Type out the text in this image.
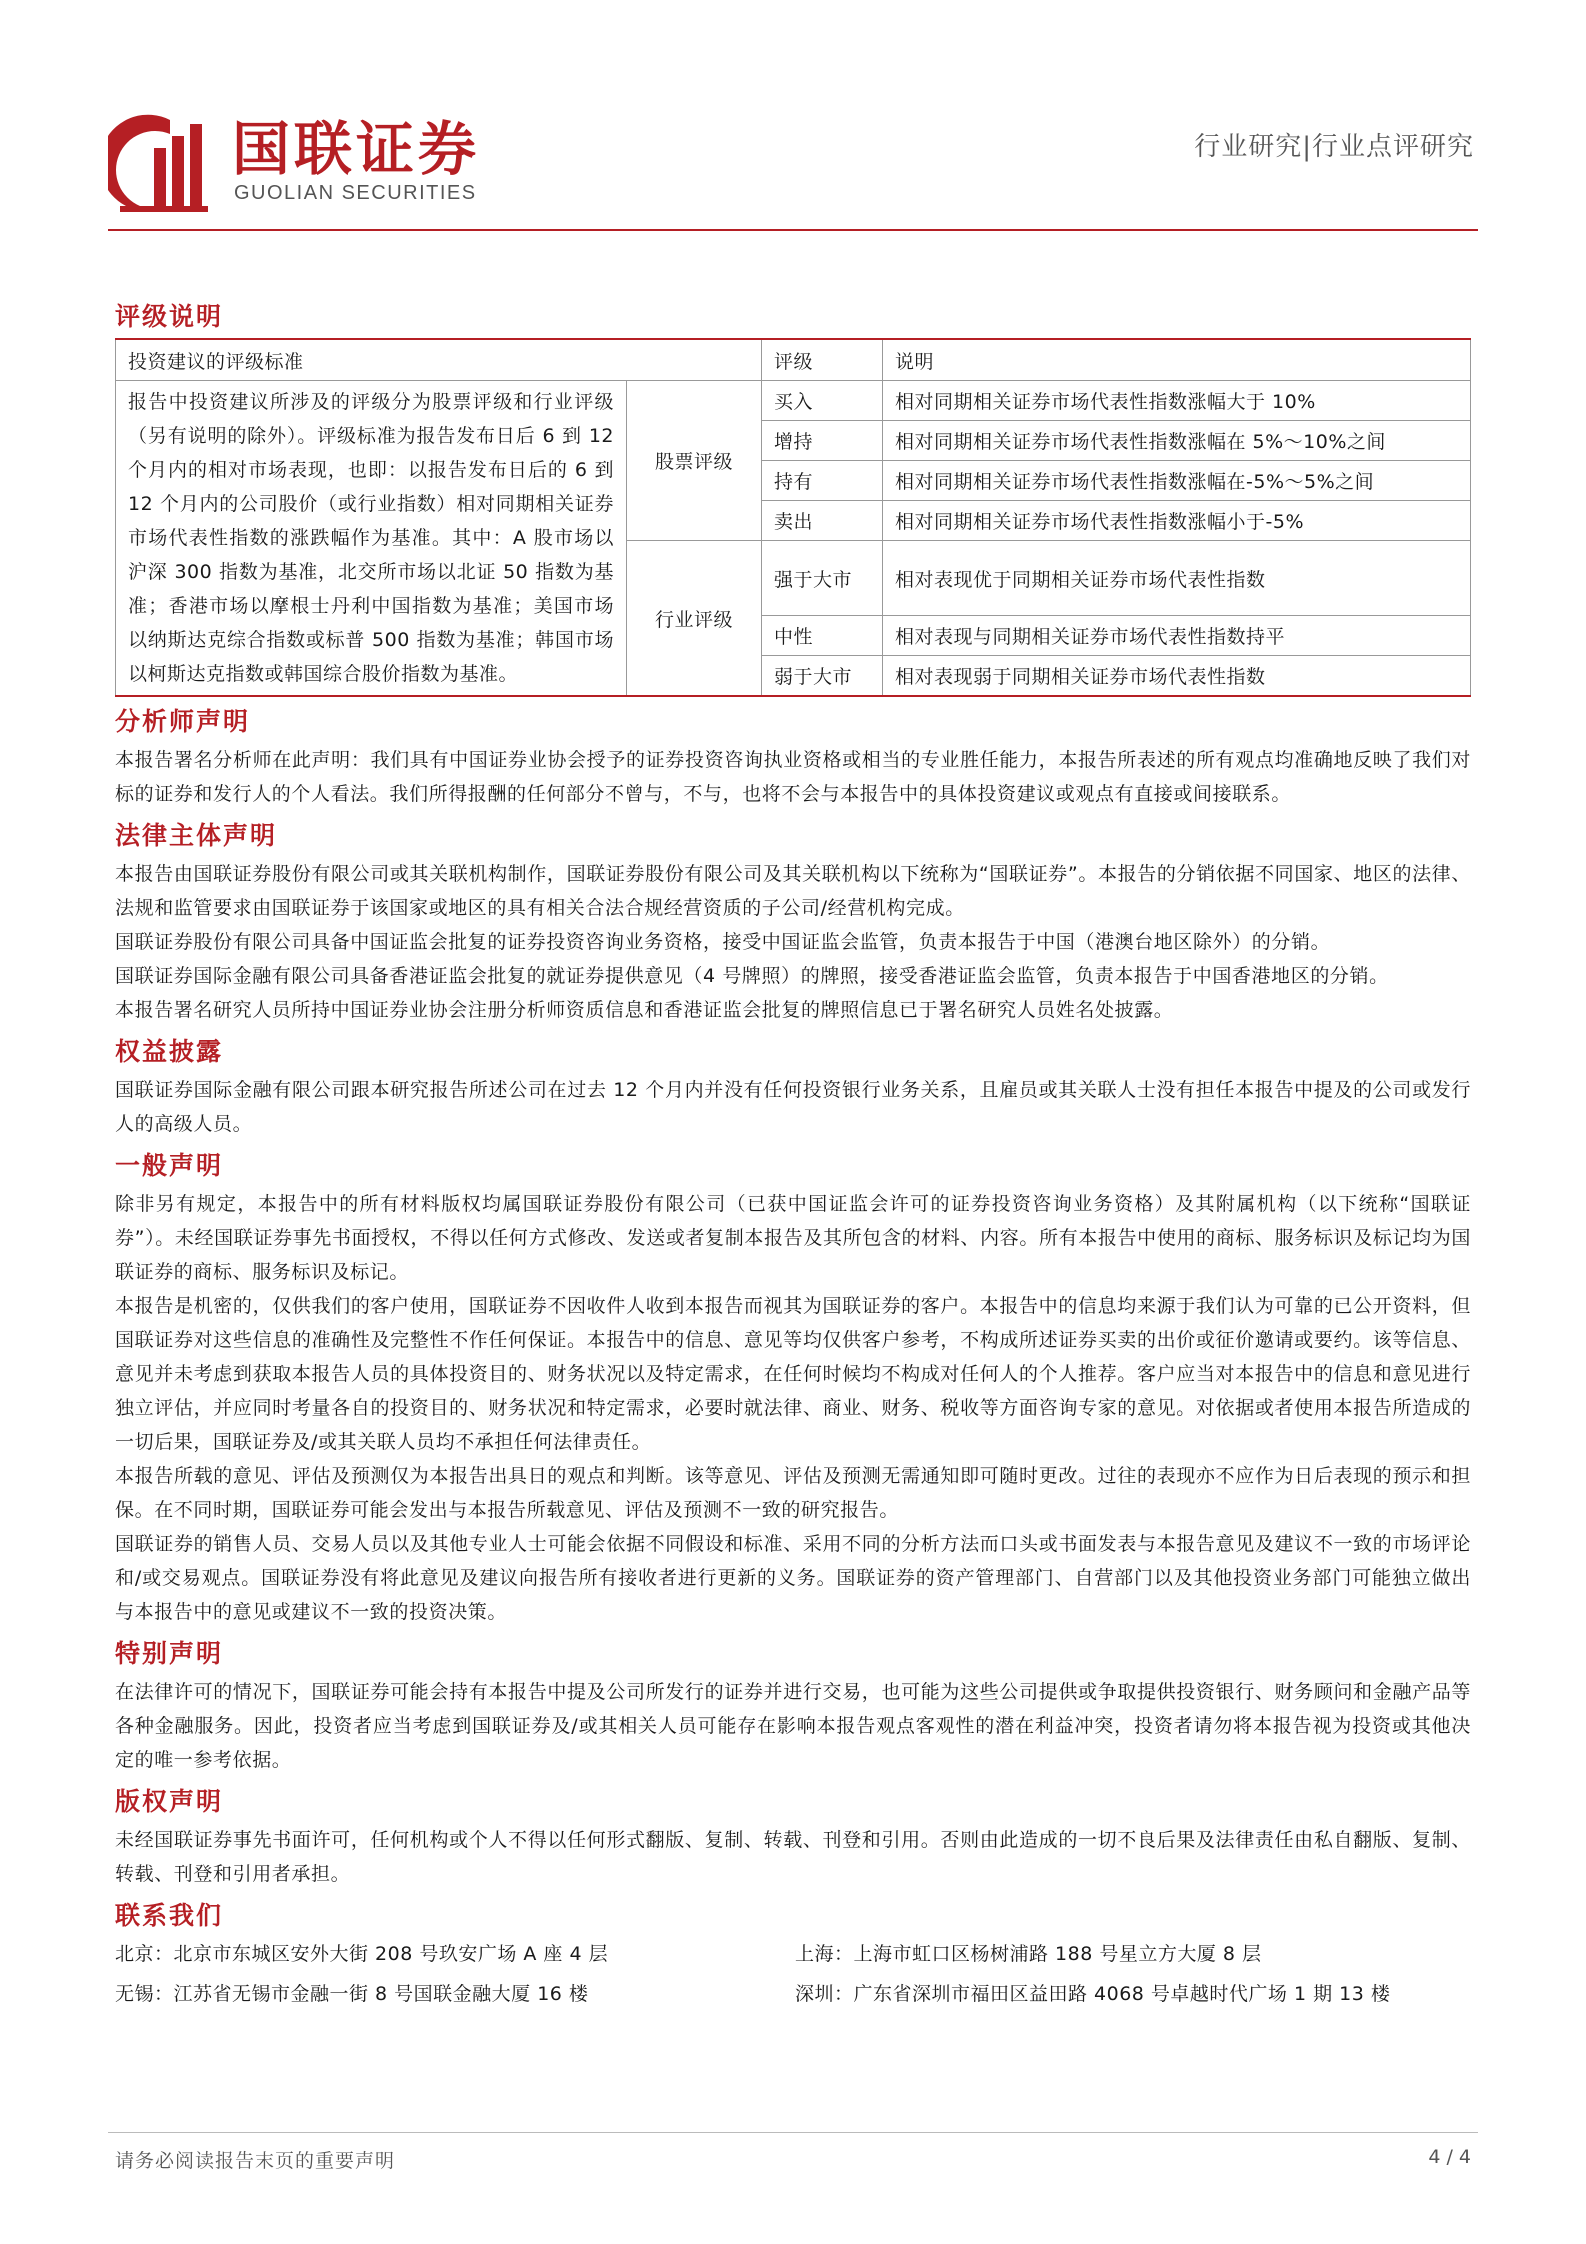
国联证券
GUOLIAN SECURITIES
行业研究|行业点评研究
评级说明
投资建议的评级标准		评级	说明
报告中投资建议所涉及的评级分为股票评级和行业评级（另有说明的除外）。评级标准为报告发布日后 6 到 12 个月内的相对市场表现，也即：以报告发布日后的 6 到 12 个月内的公司股价（或行业指数）相对同期相关证券市场代表性指数的涨跌幅作为基准。其中：A 股市场以沪深 300 指数为基准，北交所市场以北证 50 指数为基准；香港市场以摩根士丹利中国指数为基准；美国市场以纳斯达克综合指数或标普 500 指数为基准；韩国市场以柯斯达克指数或韩国综合股价指数为基准。	股票评级	买入	相对同期相关证券市场代表性指数涨幅大于 10%
		增持	相对同期相关证券市场代表性指数涨幅在 5%～10%之间
		持有	相对同期相关证券市场代表性指数涨幅在-5%～5%之间
		卖出	相对同期相关证券市场代表性指数涨幅小于-5%
	行业评级	强于大市	相对表现优于同期相关证券市场代表性指数
		中性	相对表现与同期相关证券市场代表性指数持平
		弱于大市	相对表现弱于同期相关证券市场代表性指数
分析师声明

本报告署名分析师在此声明：我们具有中国证券业协会授予的证券投资咨询执业资格或相当的专业胜任能力，本报告所表述的所有观点均准确地反映了我们对标的证券和发行人的个人看法。我们所得报酬的任何部分不曾与，不与，也将不会与本报告中的具体投资建议或观点有直接或间接联系。

法律主体声明

本报告由国联证券股份有限公司或其关联机构制作，国联证券股份有限公司及其关联机构以下统称为“国联证券”。本报告的分销依据不同国家、地区的法律、法规和监管要求由国联证券于该国家或地区的具有相关合法合规经营资质的子公司/经营机构完成。

国联证券股份有限公司具备中国证监会批复的证券投资咨询业务资格，接受中国证监会监管，负责本报告于中国（港澳台地区除外）的分销。

国联证券国际金融有限公司具备香港证监会批复的就证券提供意见（4 号牌照）的牌照，接受香港证监会监管，负责本报告于中国香港地区的分销。

本报告署名研究人员所持中国证券业协会注册分析师资质信息和香港证监会批复的牌照信息已于署名研究人员姓名处披露。

权益披露

国联证券国际金融有限公司跟本研究报告所述公司在过去 12 个月内并没有任何投资银行业务关系，且雇员或其关联人士没有担任本报告中提及的公司或发行人的高级人员。

一般声明

除非另有规定，本报告中的所有材料版权均属国联证券股份有限公司（已获中国证监会许可的证券投资咨询业务资格）及其附属机构（以下统称“国联证券”）。未经国联证券事先书面授权，不得以任何方式修改、发送或者复制本报告及其所包含的材料、内容。所有本报告中使用的商标、服务标识及标记均为国联证券的商标、服务标识及标记。

本报告是机密的，仅供我们的客户使用，国联证券不因收件人收到本报告而视其为国联证券的客户。本报告中的信息均来源于我们认为可靠的已公开资料，但国联证券对这些信息的准确性及完整性不作任何保证。本报告中的信息、意见等均仅供客户参考，不构成所述证券买卖的出价或征价邀请或要约。该等信息、意见并未考虑到获取本报告人员的具体投资目的、财务状况以及特定需求，在任何时候均不构成对任何人的个人推荐。客户应当对本报告中的信息和意见进行独立评估，并应同时考量各自的投资目的、财务状况和特定需求，必要时就法律、商业、财务、税收等方面咨询专家的意见。对依据或者使用本报告所造成的一切后果，国联证券及/或其关联人员均不承担任何法律责任。

本报告所载的意见、评估及预测仅为本报告出具日的观点和判断。该等意见、评估及预测无需通知即可随时更改。过往的表现亦不应作为日后表现的预示和担保。在不同时期，国联证券可能会发出与本报告所载意见、评估及预测不一致的研究报告。

国联证券的销售人员、交易人员以及其他专业人士可能会依据不同假设和标准、采用不同的分析方法而口头或书面发表与本报告意见及建议不一致的市场评论和/或交易观点。国联证券没有将此意见及建议向报告所有接收者进行更新的义务。国联证券的资产管理部门、自营部门以及其他投资业务部门可能独立做出与本报告中的意见或建议不一致的投资决策。

特别声明

在法律许可的情况下，国联证券可能会持有本报告中提及公司所发行的证券并进行交易，也可能为这些公司提供或争取提供投资银行、财务顾问和金融产品等各种金融服务。因此，投资者应当考虑到国联证券及/或其相关人员可能存在影响本报告观点客观性的潜在利益冲突，投资者请勿将本报告视为投资或其他决定的唯一参考依据。

版权声明

未经国联证券事先书面许可，任何机构或个人不得以任何形式翻版、复制、转载、刊登和引用。否则由此造成的一切不良后果及法律责任由私自翻版、复制、转载、刊登和引用者承担。

联系我们
北京：北京市东城区安外大街 208 号玖安广场 A 座 4 层	上海：上海市虹口区杨树浦路 188 号星立方大厦 8 层
无锡：江苏省无锡市金融一街 8 号国联金融大厦 16 楼	深圳：广东省深圳市福田区益田路 4068 号卓越时代广场 1 期 13 楼
请务必阅读报告末页的重要声明	4 / 4
